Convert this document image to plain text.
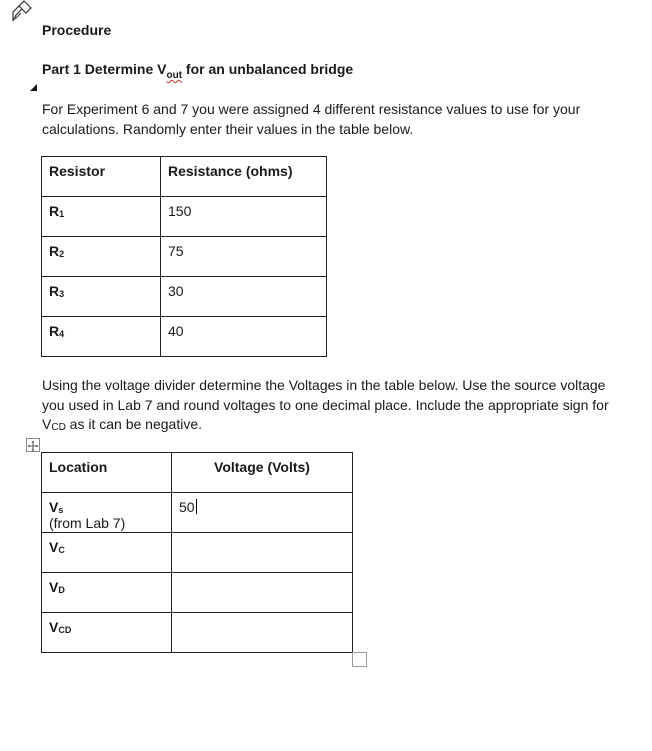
Procedure
Part 1 Determine $V_{out}$ for an unbalanced bridge
For Experiment 6 and 7 you were assigned 4 different resistance values to use for your calculations. Randomly enter their values in the table below.
Resistor	Resistance (ohms)
R1	150
R2	75
R3	30
R4	40
Using the voltage divider determine the Voltages in the table below. Use the source voltage you used in Lab 7 and round voltages to one decimal place. Include the appropriate sign for VCD as it can be negative.
Location	Voltage (Volts)
Vs
(from Lab 7)	50
VC	
VD	
VCD	
